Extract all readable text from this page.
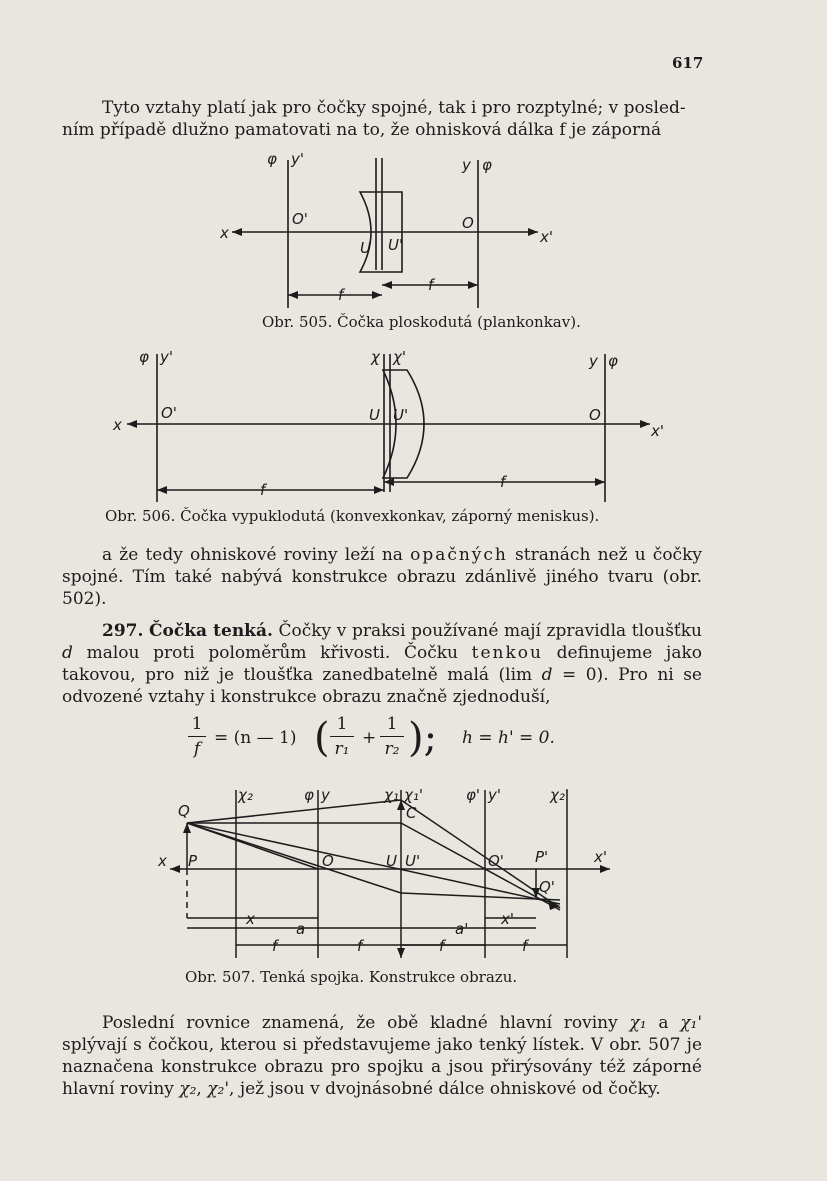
617

Tyto vztahy platí jak pro čočky spojné, tak i pro rozptylné; v posled-

ním případě dlužno pamatovati na to, že ohnisková dálka f je záporná

φ y'	y φ
x	x'
O'	O
U U'
f
f
Obr. 505. Čočka ploskodutá (plankonkav).
φ y'	χ χ'	y φ
x	x'
O'	O
U U'
f	f
Obr. 506. Čočka vypuklodutá (konvexkonkav, záporný meniskus).

a že tedy ohniskové roviny leží na opačných stranách než u čočky spojné. Tím také nabývá konstrukce obrazu zdánlivě jiného tvaru (obr. 502).

297. Čočka tenká. Čočky v praksi používané mají zpravidla tloušťku d malou proti poloměrům křivosti. Čočku tenkou definujeme jako takovou, pro niž je tloušťka zanedbatelně malá (lim d = 0). Pro ni se odvozené vztahy i konstrukce obrazu značně zjednoduší,

1
f
= (n — 1) ( 1
r₁
+
1
r₂ ); h = h' = 0.
χ₂	φ y	χ₁ χ₁'	φ' y'	χ₂'
Q	C
x P	O	U U'	O' P'	x'
Q'
x
a
f	f
a'
x'
f	f
Obr. 507. Tenká spojka. Konstrukce obrazu.

Poslední rovnice znamená, že obě kladné hlavní roviny χ₁ a χ₁' splývají s čočkou, kterou si představujeme jako tenký lístek. V obr. 507 je naznačena konstrukce obrazu pro spojku a jsou přirýsovány též záporné hlavní roviny χ₂, χ₂', jež jsou v dvojnásobné dálce ohniskové od čočky.
